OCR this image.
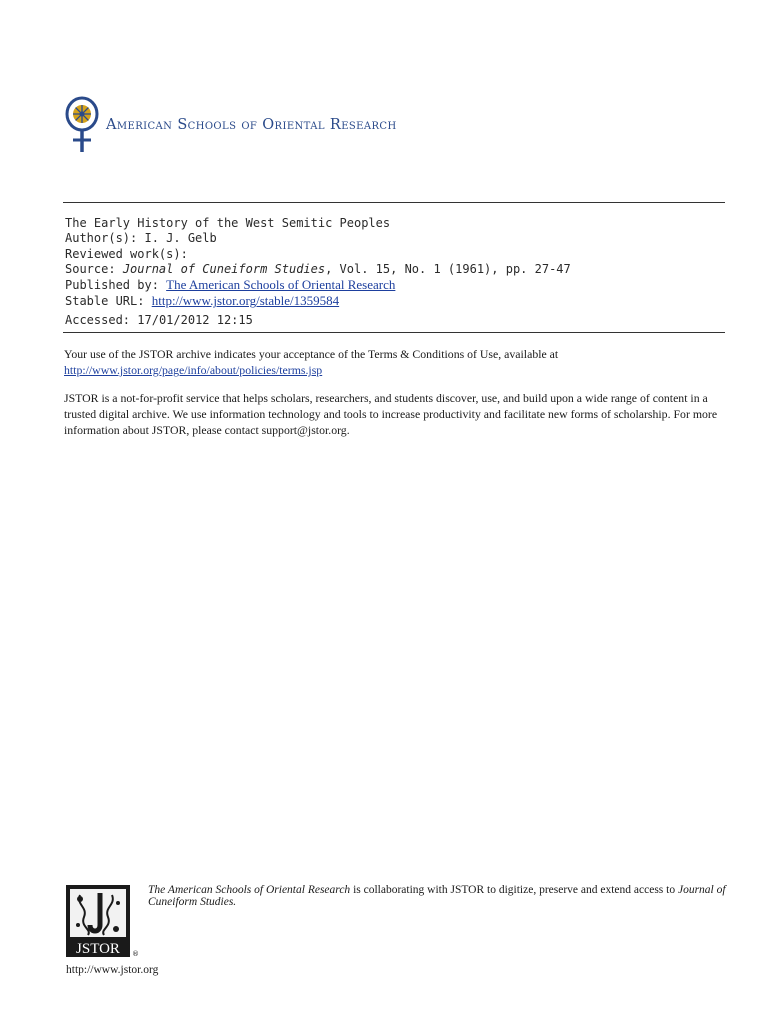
American Schools of Oriental Research
The Early History of the West Semitic Peoples
Author(s): I. J. Gelb
Reviewed work(s):
Source: Journal of Cuneiform Studies, Vol. 15, No. 1 (1961), pp. 27-47
Published by: The American Schools of Oriental Research
Stable URL: http://www.jstor.org/stable/1359584
Accessed: 17/01/2012 12:15
Your use of the JSTOR archive indicates your acceptance of the Terms & Conditions of Use, available at
http://www.jstor.org/page/info/about/policies/terms.jsp
JSTOR is a not-for-profit service that helps scholars, researchers, and students discover, use, and build upon a wide range of content in a trusted digital archive. We use information technology and tools to increase productivity and facilitate new forms of scholarship. For more information about JSTOR, please contact support@jstor.org.
JSTOR ®
The American Schools of Oriental Research is collaborating with JSTOR to digitize, preserve and extend access to Journal of Cuneiform Studies.
http://www.jstor.org
